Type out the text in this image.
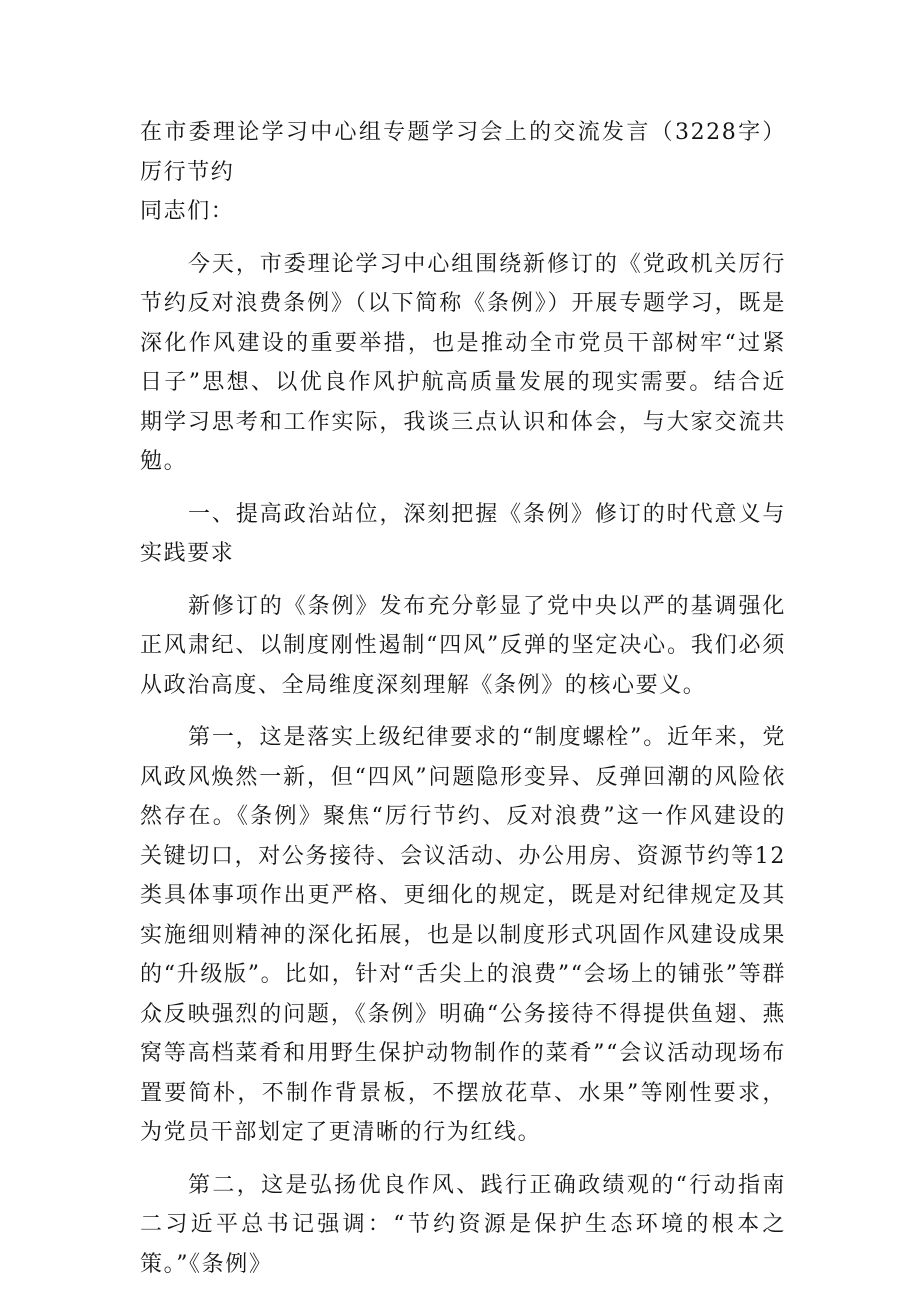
在市委理论学习中心组专题学习会上的交流发言（3228字）厉行节约

同志们：

今天，市委理论学习中心组围绕新修订的《党政机关厉行节约反对浪费条例》（以下简称《条例》）开展专题学习，既是深化作风建设的重要举措，也是推动全市党员干部树牢“过紧日子”思想、以优良作风护航高质量发展的现实需要。结合近期学习思考和工作实际，我谈三点认识和体会，与大家交流共勉。

一、提高政治站位，深刻把握《条例》修订的时代意义与实践要求

新修订的《条例》发布充分彰显了党中央以严的基调强化正风肃纪、以制度刚性遏制“四风”反弹的坚定决心。我们必须从政治高度、全局维度深刻理解《条例》的核心要义。

第一，这是落实上级纪律要求的“制度螺栓”。近年来，党风政风焕然一新，但“四风”问题隐形变异、反弹回潮的风险依然存在。《条例》聚焦“厉行节约、反对浪费”这一作风建设的关键切口，对公务接待、会议活动、办公用房、资源节约等12类具体事项作出更严格、更细化的规定，既是对纪律规定及其实施细则精神的深化拓展，也是以制度形式巩固作风建设成果的“升级版”。比如，针对“舌尖上的浪费”“会场上的铺张”等群众反映强烈的问题，《条例》明确“公务接待不得提供鱼翅、燕窝等高档菜肴和用野生保护动物制作的菜肴”“会议活动现场布置要简朴，不制作背景板，不摆放花草、水果”等刚性要求，为党员干部划定了更清晰的行为红线。

第二，这是弘扬优良作风、践行正确政绩观的“行动指南二习近平总书记强调：“节约资源是保护生态环境的根本之策。”《条例》
